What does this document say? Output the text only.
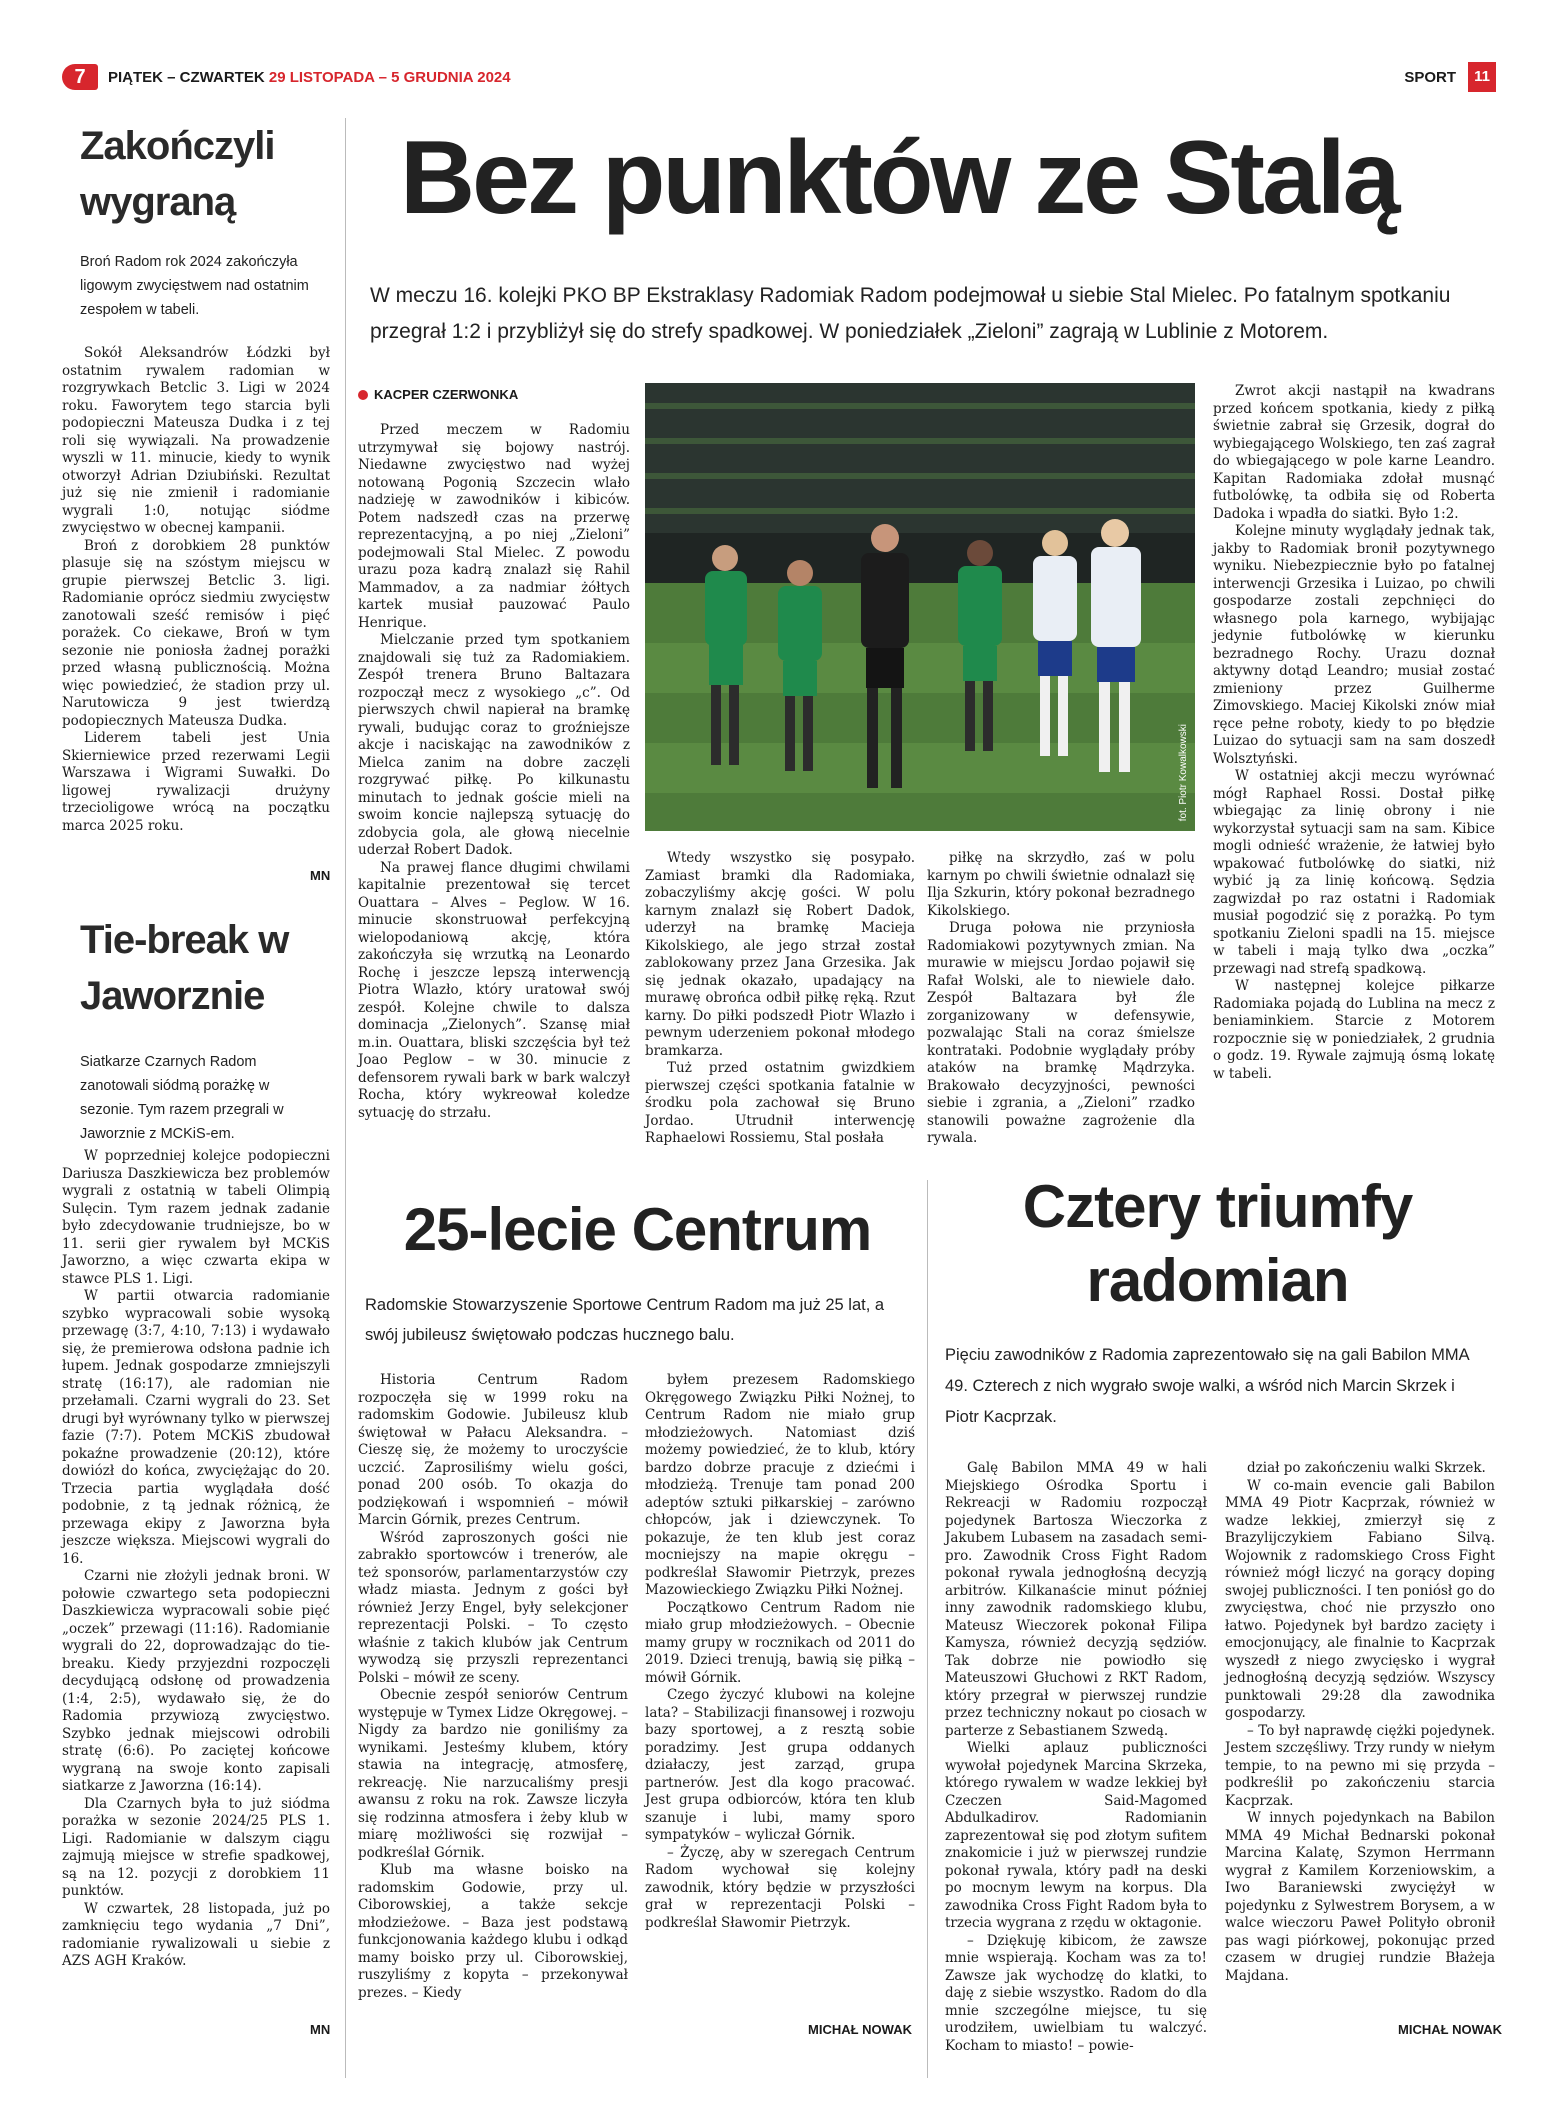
7	PIĄTEK – CZWARTEK
29 LISTOPADA – 5 GRUDNIA 2024	SPORT	11
Zakończyli wygraną
Broń Radom rok 2024 zakończyła ligowym zwycięstwem nad ostatnim zespołem w tabeli.

Sokół Aleksandrów Łódzki był ostatnim rywalem radomian w rozgrywkach Betclic 3. Ligi w 2024 roku. Faworytem tego starcia byli podopieczni Mateusza Dudka i z tej roli się wywiązali. Na prowadzenie wyszli w 11. minucie, kiedy to wynik otworzył Adrian Dziubiński. Rezultat już się nie zmienił i radomianie wygrali 1:0, notując siódme zwycięstwo w obecnej kampanii.

Broń z dorobkiem 28 punktów plasuje się na szóstym miejscu w grupie pierwszej Betclic 3. ligi. Radomianie oprócz siedmiu zwycięstw zanotowali sześć remisów i pięć porażek. Co ciekawe, Broń w tym sezonie nie poniosła żadnej porażki przed własną publicznością. Można więc powiedzieć, że stadion przy ul. Narutowicza 9 jest twierdzą podopiecznych Mateusza Dudka.

Liderem tabeli jest Unia Skierniewice przed rezerwami Legii Warszawa i Wigrami Suwałki. Do ligowej rywalizacji drużyny trzecioligowe wrócą na początku marca 2025 roku.

MN
Tie-break w Jaworznie
Siatkarze Czarnych Radom zanotowali siódmą porażkę w sezonie. Tym razem przegrali w Jaworznie z MCKiS-em.

W poprzedniej kolejce podopieczni Dariusza Daszkiewicza bez problemów wygrali z ostatnią w tabeli Olimpią Sulęcin. Tym razem jednak zadanie było zdecydowanie trudniejsze, bo w 11. serii gier rywalem był MCKiS Jaworzno, a więc czwarta ekipa w stawce PLS 1. Ligi.

W partii otwarcia radomianie szybko wypracowali sobie wysoką przewagę (3:7, 4:10, 7:13) i wydawało się, że premierowa odsłona padnie ich łupem. Jednak gospodarze zmniejszyli stratę (16:17), ale radomian nie przełamali. Czarni wygrali do 23. Set drugi był wyrównany tylko w pierwszej fazie (7:7). Potem MCKiS zbudował pokaźne prowadzenie (20:12), które dowiózł do końca, zwyciężając do 20. Trzecia partia wyglądała dość podobnie, z tą jednak różnicą, że przewaga ekipy z Jaworzna była jeszcze większa. Miejscowi wygrali do 16.

Czarni nie złożyli jednak broni. W połowie czwartego seta podopieczni Daszkiewicza wypracowali sobie pięć „oczek” przewagi (11:16). Radomianie wygrali do 22, doprowadzając do tie-breaku. Kiedy przyjezdni rozpoczęli decydującą odsłonę od prowadzenia (1:4, 2:5), wydawało się, że do Radomia przywiozą zwycięstwo. Szybko jednak miejscowi odrobili stratę (6:6). Po zaciętej końcowe wygraną na swoje konto zapisali siatkarze z Jaworzna (16:14).

Dla Czarnych była to już siódma porażka w sezonie 2024/25 PLS 1. Ligi. Radomianie w dalszym ciągu zajmują miejsce w strefie spadkowej, są na 12. pozycji z dorobkiem 11 punktów.

W czwartek, 28 listopada, już po zamknięciu tego wydania „7 Dni”, radomianie rywalizowali u siebie z AZS AGH Kraków.

MN
Bez punktów ze Stalą
W meczu 16. kolejki PKO BP Ekstraklasy Radomiak Radom podejmował u siebie Stal Mielec. Po fatalnym spotkaniu przegrał 1:2 i przybliżył się do strefy spadkowej. W poniedziałek „Zieloni” zagrają w Lublinie z Motorem.
KACPER CZERWONKA

Przed meczem w Radomiu utrzymywał się bojowy nastrój. Niedawne zwycięstwo nad wyżej notowaną Pogonią Szczecin wlało nadzieję w zawodników i kibiców. Potem nadszedł czas na przerwę reprezentacyjną, a po niej „Zieloni” podejmowali Stal Mielec. Z powodu urazu poza kadrą znalazł się Rahil Mammadov, a za nadmiar żółtych kartek musiał pauzować Paulo Henrique.

Mielczanie przed tym spotkaniem znajdowali się tuż za Radomiakiem. Zespół trenera Bruno Baltazara rozpoczął mecz z wysokiego „c”. Od pierwszych chwil napierał na bramkę rywali, budując coraz to groźniejsze akcje i naciskając na zawodników z Mielca zanim na dobre zaczęli rozgrywać piłkę. Po kilkunastu minutach to jednak goście mieli na swoim koncie najlepszą sytuację do zdobycia gola, ale głową niecelnie uderzał Robert Dadok.

Na prawej flance długimi chwilami kapitalnie prezentował się tercet Ouattara – Alves – Peglow. W 16. minucie skonstruował perfekcyjną wielopodaniową akcję, która zakończyła się wrzutką na Leonardo Rochę i jeszcze lepszą interwencją Piotra Wlazło, który uratował swój zespół. Kolejne chwile to dalsza dominacja „Zielonych”. Szansę miał m.in. Ouattara, bliski szczęścia był też Joao Peglow – w 30. minucie z defensorem rywali bark w bark walczył Rocha, który wykreował koledze sytuację do strzału.

fot. Piotr Kowalkowski

Wtedy wszystko się posypało. Zamiast bramki dla Radomiaka, zobaczyliśmy akcję gości. W polu karnym znalazł się Robert Dadok, uderzył na bramkę Macieja Kikolskiego, ale jego strzał został zablokowany przez Jana Grzesika. Jak się jednak okazało, upadający na murawę obrońca odbił piłkę ręką. Rzut karny. Do piłki podszedł Piotr Wlazło i pewnym uderzeniem pokonał młodego bramkarza.

Tuż przed ostatnim gwizdkiem pierwszej części spotkania fatalnie w środku pola zachował się Bruno Jordao. Utrudnił interwencję Raphaelowi Rossiemu, Stal posłała

piłkę na skrzydło, zaś w polu karnym po chwili świetnie odnalazł się Ilja Szkurin, który pokonał bezradnego Kikolskiego.

Druga połowa nie przyniosła Radomiakowi pozytywnych zmian. Na murawie w miejscu Jordao pojawił się Rafał Wolski, ale to niewiele dało. Zespół Baltazara był źle zorganizowany w defensywie, pozwalając Stali na coraz śmielsze kontrataki. Podobnie wyglądały próby ataków na bramkę Mądrzyka. Brakowało decyzyjności, pewności siebie i zgrania, a „Zieloni” rzadko stanowili poważne zagrożenie dla rywala.

Zwrot akcji nastąpił na kwadrans przed końcem spotkania, kiedy z piłką świetnie zabrał się Grzesik, dograł do wybiegającego Wolskiego, ten zaś zagrał do wbiegającego w pole karne Leandro. Kapitan Radomiaka zdołał musnąć futbolówkę, ta odbiła się od Roberta Dadoka i wpadła do siatki. Było 1:2.

Kolejne minuty wyglądały jednak tak, jakby to Radomiak bronił pozytywnego wyniku. Niebezpiecznie było po fatalnej interwencji Grzesika i Luizao, po chwili gospodarze zostali zepchnięci do własnego pola karnego, wybijając jedynie futbolówkę w kierunku bezradnego Rochy. Urazu doznał aktywny dotąd Leandro; musiał zostać zmieniony przez Guilherme Zimovskiego. Maciej Kikolski znów miał ręce pełne roboty, kiedy to po błędzie Luizao do sytuacji sam na sam doszedł Wolsztyński.

W ostatniej akcji meczu wyrównać mógł Raphael Rossi. Dostał piłkę wbiegając za linię obrony i nie wykorzystał sytuacji sam na sam. Kibice mogli odnieść wrażenie, że łatwiej było wpakować futbolówkę do siatki, niż wybić ją za linię końcową. Sędzia zagwizdał po raz ostatni i Radomiak musiał pogodzić się z porażką. Po tym spotkaniu Zieloni spadli na 15. miejsce w tabeli i mają tylko dwa „oczka” przewagi nad strefą spadkową.

W następnej kolejce piłkarze Radomiaka pojadą do Lublina na mecz z beniaminkiem. Starcie z Motorem rozpocznie się w poniedziałek, 2 grudnia o godz. 19. Rywale zajmują ósmą lokatę w tabeli.

25-lecie Centrum
Radomskie Stowarzyszenie Sportowe Centrum Radom ma już 25 lat, a swój jubileusz świętowało podczas hucznego balu.

Historia Centrum Radom rozpoczęła się w 1999 roku na radomskim Godowie. Jubileusz klub świętował w Pałacu Aleksandra. – Cieszę się, że możemy to uroczyście uczcić. Zaprosiliśmy wielu gości, ponad 200 osób. To okazja do podziękowań i wspomnień – mówił Marcin Górnik, prezes Centrum.

Wśród zaproszonych gości nie zabrakło sportowców i trenerów, ale też sponsorów, parlamentarzystów czy władz miasta. Jednym z gości był również Jerzy Engel, były selekcjoner reprezentacji Polski. – To często właśnie z takich klubów jak Centrum wywodzą się przyszli reprezentanci Polski – mówił ze sceny.

Obecnie zespół seniorów Centrum występuje w Tymex Lidze Okręgowej. – Nigdy za bardzo nie goniliśmy za wynikami. Jesteśmy klubem, który stawia na integrację, atmosferę, rekreację. Nie narzucaliśmy presji awansu z roku na rok. Zawsze liczyła się rodzinna atmosfera i żeby klub w miarę możliwości się rozwijał – podkreślał Górnik.

Klub ma własne boisko na radomskim Godowie, przy ul. Ciborowskiej, a także sekcje młodzieżowe. – Baza jest podstawą funkcjonowania każdego klubu i odkąd mamy boisko przy ul. Ciborowskiej, ruszyliśmy z kopyta – przekonywał prezes. – Kiedy

byłem prezesem Radomskiego Okręgowego Związku Piłki Nożnej, to Centrum Radom nie miało grup młodzieżowych. Natomiast dziś możemy powiedzieć, że to klub, który bardzo dobrze pracuje z dziećmi i młodzieżą. Trenuje tam ponad 200 adeptów sztuki piłkarskiej – zarówno chłopców, jak i dziewczynek. To pokazuje, że ten klub jest coraz mocniejszy na mapie okręgu – podkreślał Sławomir Pietrzyk, prezes Mazowieckiego Związku Piłki Nożnej.

Początkowo Centrum Radom nie miało grup młodzieżowych. – Obecnie mamy grupy w rocznikach od 2011 do 2019. Dzieci trenują, bawią się piłką – mówił Górnik.

Czego życzyć klubowi na kolejne lata? – Stabilizacji finansowej i rozwoju bazy sportowej, a z resztą sobie poradzimy. Jest grupa oddanych działaczy, jest zarząd, grupa partnerów. Jest dla kogo pracować. Jest grupa odbiorców, która ten klub szanuje i lubi, mamy sporo sympatyków – wyliczał Górnik.

– Życzę, aby w szeregach Centrum Radom wychował się kolejny zawodnik, który będzie w przyszłości grał w reprezentacji Polski – podkreślał Sławomir Pietrzyk.

MICHAŁ NOWAK
Cztery triumfy radomian
Pięciu zawodników z Radomia zaprezentowało się na gali Babilon MMA 49. Czterech z nich wygrało swoje walki, a wśród nich Marcin Skrzek i Piotr Kacprzak.

Galę Babilon MMA 49 w hali Miejskiego Ośrodka Sportu i Rekreacji w Radomiu rozpoczął pojedynek Bartosza Wieczorka z Jakubem Lubasem na zasadach semi-pro. Zawodnik Cross Fight Radom pokonał rywala jednogłośną decyzją arbitrów. Kilkanaście minut później inny zawodnik radomskiego klubu, Mateusz Wieczorek pokonał Filipa Kamysza, również decyzją sędziów. Tak dobrze nie powiodło się Mateuszowi Głuchowi z RKT Radom, który przegrał w pierwszej rundzie przez techniczny nokaut po ciosach w parterze z Sebastianem Szwedą.

Wielki aplauz publiczności wywołał pojedynek Marcina Skrzeka, którego rywalem w wadze lekkiej był Czeczen Said-Magomed Abdulkadirov. Radomianin zaprezentował się pod złotym sufitem znakomicie i już w pierwszej rundzie pokonał rywala, który padł na deski po mocnym lewym na korpus. Dla zawodnika Cross Fight Radom była to trzecia wygrana z rzędu w oktagonie.

– Dziękuję kibicom, że zawsze mnie wspierają. Kocham was za to! Zawsze jak wychodzę do klatki, to daję z siebie wszystko. Radom do dla mnie szczególne miejsce, tu się urodziłem, uwielbiam tu walczyć. Kocham to miasto! – powie-

dział po zakończeniu walki Skrzek.

W co-main evencie gali Babilon MMA 49 Piotr Kacprzak, również w wadze lekkiej, zmierzył się z Brazylijczykiem Fabiano Silvą. Wojownik z radomskiego Cross Fight również mógł liczyć na gorący doping swojej publiczności. I ten poniósł go do zwycięstwa, choć nie przyszło ono łatwo. Pojedynek był bardzo zacięty i emocjonujący, ale finalnie to Kacprzak wyszedł z niego zwycięsko i wygrał jednogłośną decyzją sędziów. Wszyscy punktowali 29:28 dla zawodnika gospodarzy.

– To był naprawdę ciężki pojedynek. Jestem szczęśliwy. Trzy rundy w niełym tempie, to na pewno mi się przyda – podkreślił po zakończeniu starcia Kacprzak.

W innych pojedynkach na Babilon MMA 49 Michał Bednarski pokonał Marcina Kalatę, Szymon Herrmann wygrał z Kamilem Korzeniowskim, a Iwo Baraniewski zwyciężył w pojedynku z Sylwestrem Borysem, a w walce wieczoru Paweł Polityło obronił pas wagi piórkowej, pokonując przed czasem w drugiej rundzie Błażeja Majdana.

MICHAŁ NOWAK
